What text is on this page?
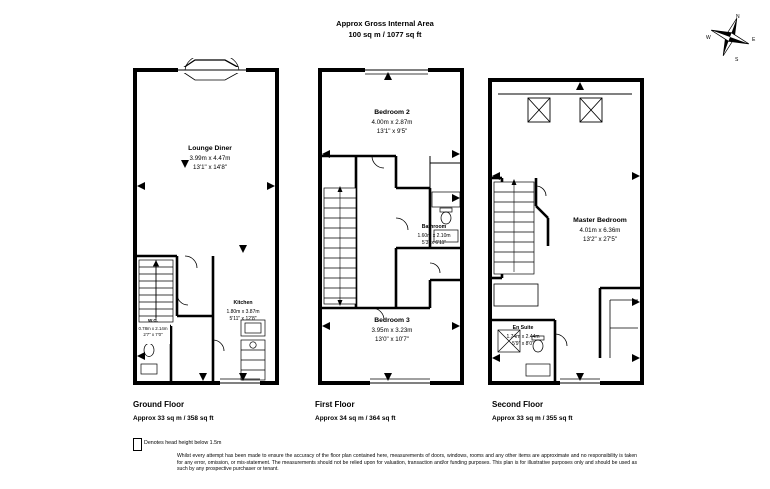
Approx Gross Internal Area
100 sq m / 1077 sq ft
N
E
S
W
Lounge Diner
3.99m x 4.47m
13'1" x 14'8"
Kitchen
1.80m x 3.87m
5'11" x 12'8"
W.C.
0.78m x 2.14m
2'7" x 7'0"
Ground Floor
Approx 33 sq m / 358 sq ft
Bedroom 2
4.00m x 2.87m
13'1" x 9'5"
Bathroom
1.60m x 2.10m
5'3" x 6'11"
Bedroom 3
3.95m x 3.23m
13'0" x 10'7"
First Floor
Approx 34 sq m / 364 sq ft
Master Bedroom
4.01m x 6.36m
13'2" x 27'5"
En Suite
1.74m x 2.44m
5'9" x 8'0"
Second Floor
Approx 33 sq m / 355 sq ft
Denotes head height below 1.5m
Whilst every attempt has been made to ensure the accuracy of the floor plan contained here, measurements of doors, windows, rooms and any other items are approximate and no responsibility is taken for any error, omission, or mis-statement. The measurements should not be relied upon for valuation, transaction and/or funding purposes. This plan is for illustrative purposes only and should be used as such by any prospective purchaser or tenant.
